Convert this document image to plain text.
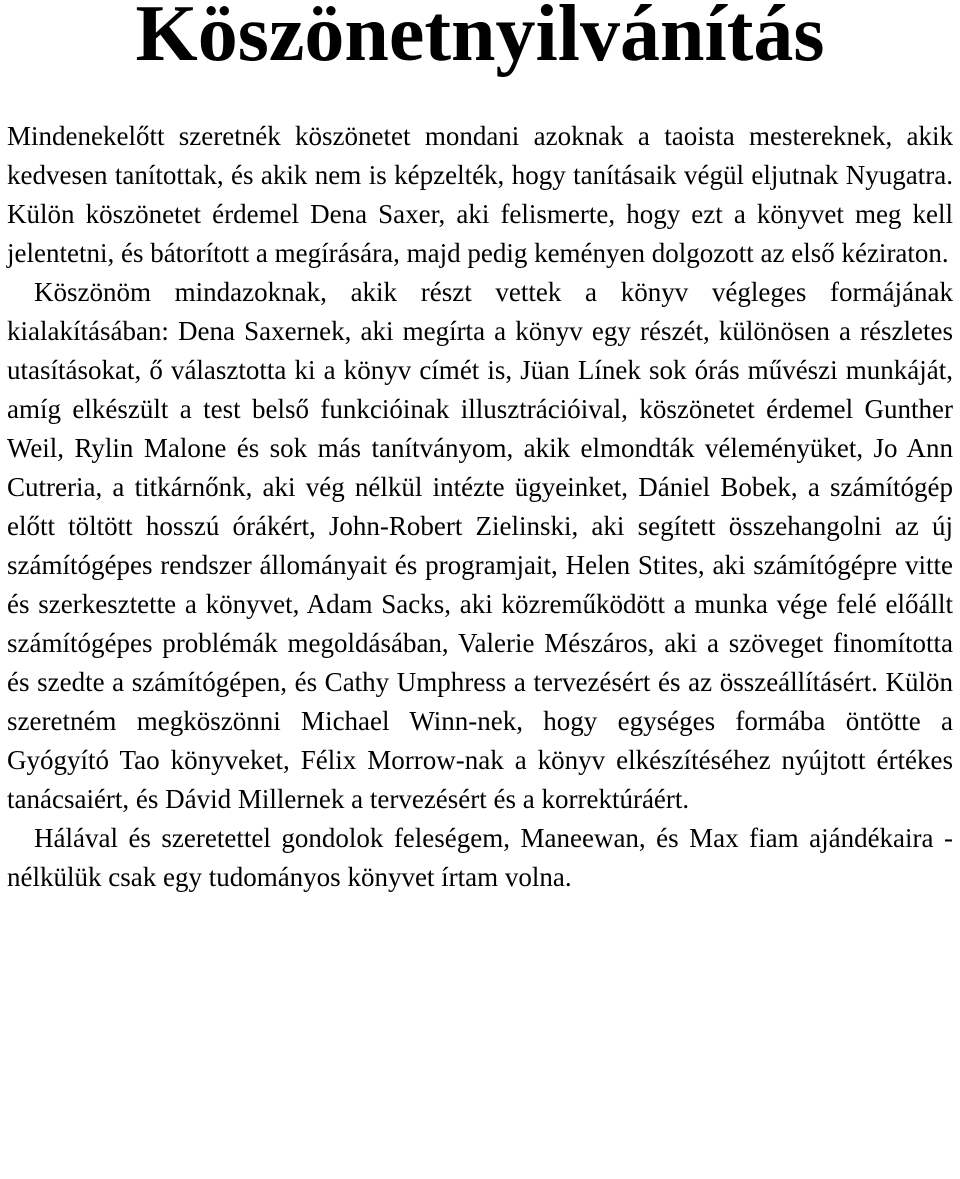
Köszönetnyilvánítás

Mindenekelőtt szeretnék köszönetet mondani azoknak a taoista mestereknek, akik kedvesen tanítottak, és akik nem is képzelték, hogy tanításaik végül eljutnak Nyugatra. Külön köszönetet érdemel Dena Saxer, aki felismerte, hogy ezt a könyvet meg kell jelentetni, és bátorított a megírására, majd pedig keményen dolgozott az első kéziraton.

Köszönöm mindazoknak, akik részt vettek a könyv végleges formájának kialakításában: Dena Saxernek, aki megírta a könyv egy részét, különösen a részletes utasításokat, ő választotta ki a könyv címét is, Jüan Línek sok órás művészi munkáját, amíg elkészült a test belső funkcióinak illusztrációival, köszönetet érdemel Gunther Weil, Rylin Malone és sok más tanítványom, akik elmondták véleményüket, Jo Ann Cutreria, a titkárnőnk, aki vég nélkül intézte ügyeinket, Dániel Bobek, a számítógép előtt töltött hosszú órákért, John-Robert Zielinski, aki segített összehangolni az új számítógépes rendszer állományait és programjait, Helen Stites, aki számítógépre vitte és szerkesztette a könyvet, Adam Sacks, aki közreműködött a munka vége felé előállt számítógépes problémák megoldásában, Valerie Mészáros, aki a szöveget finomította és szedte a számítógépen, és Cathy Umphress a tervezésért és az összeállításért. Külön szeretném megköszönni Michael Winn-nek, hogy egységes formába öntötte a Gyógyító Tao könyveket, Félix Morrow-nak a könyv elkészítéséhez nyújtott értékes tanácsaiért, és Dávid Millernek a tervezésért és a korrektúráért.

Hálával és szeretettel gondolok feleségem, Maneewan, és Max fiam ajándékaira - nélkülük csak egy tudományos könyvet írtam volna.
